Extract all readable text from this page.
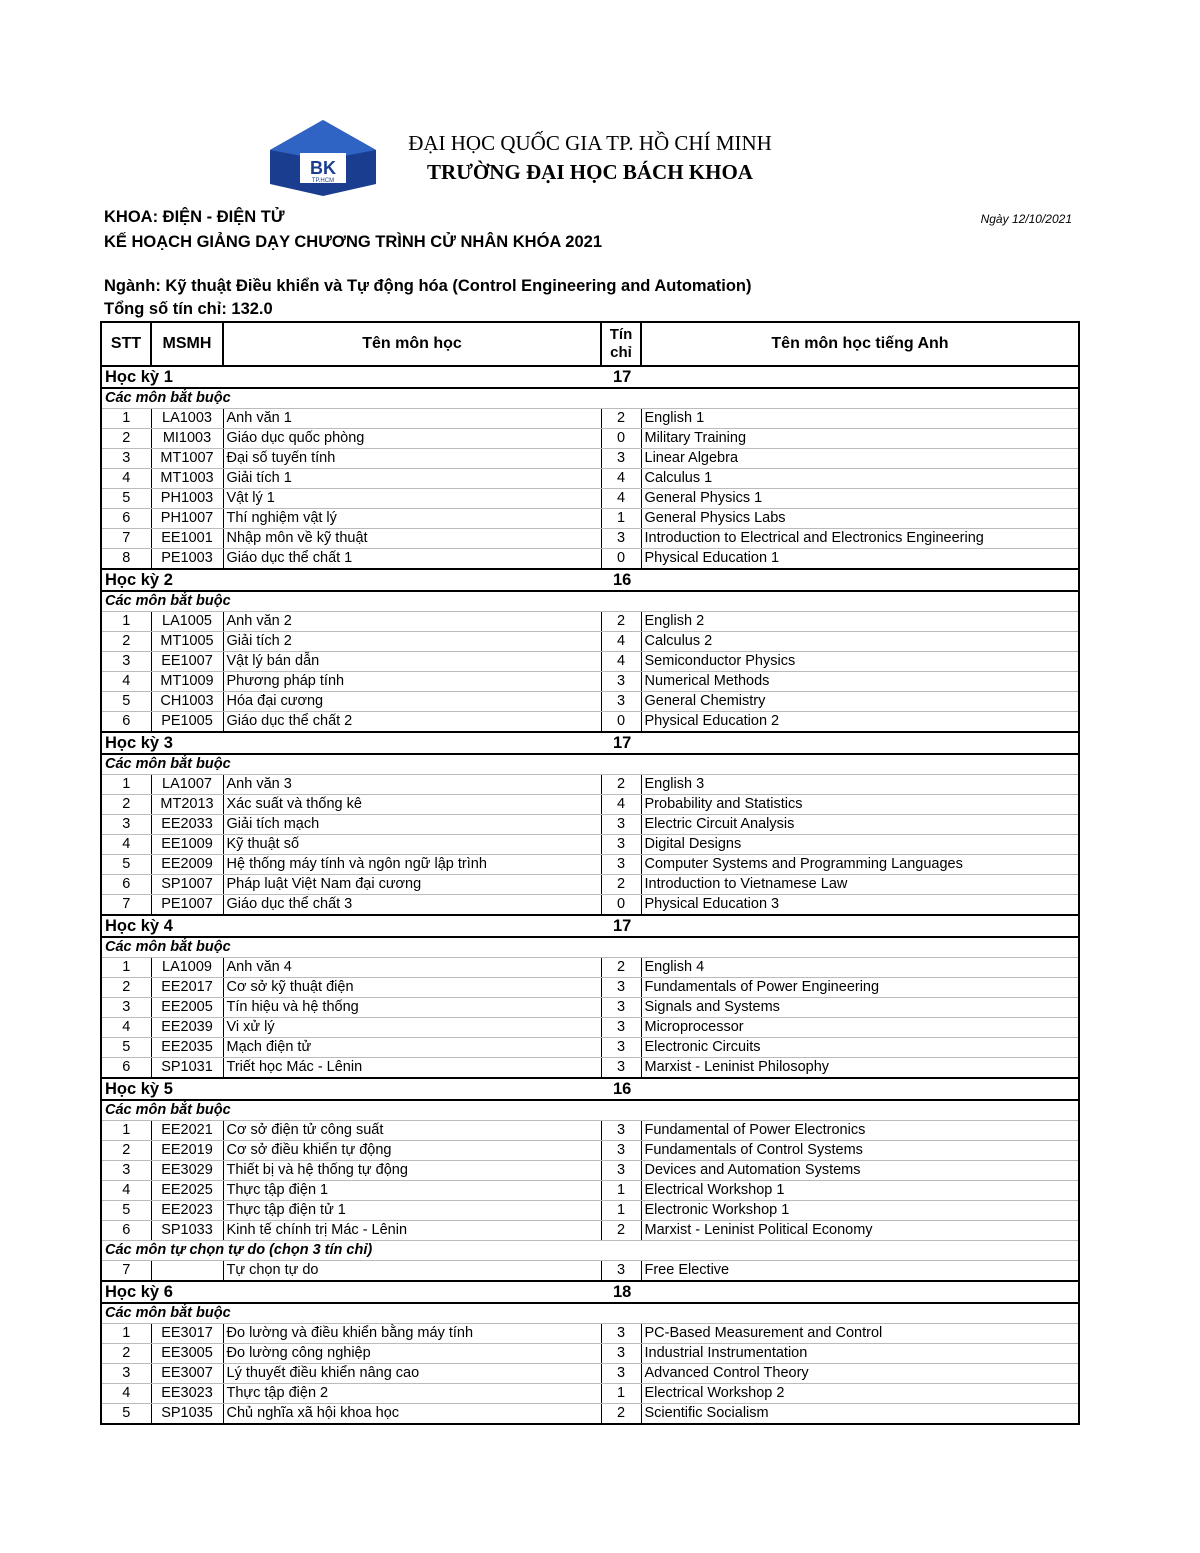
BK
TP.HCM
ĐẠI HỌC QUỐC GIA TP. HỒ CHÍ MINH
TRƯỜNG ĐẠI HỌC BÁCH KHOA
KHOA: ĐIỆN - ĐIỆN TỬ	Ngày 12/10/2021
KẾ HOẠCH GIẢNG DẠY CHƯƠNG TRÌNH CỬ NHÂN KHÓA 2021
Ngành: Kỹ thuật Điều khiển và Tự động hóa (Control Engineering and Automation)
Tổng số tín chỉ: 132.0
STT	MSMH	Tên môn học	Tín chỉ	Tên môn học tiếng Anh
Học kỳ 1			17	
Các môn bắt buộc				
1	LA1003	Anh văn 1	2	English 1
2	MI1003	Giáo dục quốc phòng	0	Military Training
3	MT1007	Đại số tuyến tính	3	Linear Algebra
4	MT1003	Giải tích 1	4	Calculus 1
5	PH1003	Vật lý 1	4	General Physics 1
6	PH1007	Thí nghiệm vật lý	1	General Physics Labs
7	EE1001	Nhập môn về kỹ thuật	3	Introduction to Electrical and Electronics Engineering
8	PE1003	Giáo dục thể chất 1	0	Physical Education 1
Học kỳ 2			16	
Các môn bắt buộc				
1	LA1005	Anh văn 2	2	English 2
2	MT1005	Giải tích 2	4	Calculus 2
3	EE1007	Vật lý bán dẫn	4	Semiconductor Physics
4	MT1009	Phương pháp tính	3	Numerical Methods
5	CH1003	Hóa đại cương	3	General Chemistry
6	PE1005	Giáo dục thể chất 2	0	Physical Education 2
Học kỳ 3			17	
Các môn bắt buộc				
1	LA1007	Anh văn 3	2	English 3
2	MT2013	Xác suất và thống kê	4	Probability and Statistics
3	EE2033	Giải tích mạch	3	Electric Circuit Analysis
4	EE1009	Kỹ thuật số	3	Digital Designs
5	EE2009	Hệ thống máy tính và ngôn ngữ lập trình	3	Computer Systems and Programming Languages
6	SP1007	Pháp luật Việt Nam đại cương	2	Introduction to Vietnamese Law
7	PE1007	Giáo dục thể chất 3	0	Physical Education 3
Học kỳ 4			17	
Các môn bắt buộc				
1	LA1009	Anh văn 4	2	English 4
2	EE2017	Cơ sở kỹ thuật điện	3	Fundamentals of Power Engineering
3	EE2005	Tín hiệu và hệ thống	3	Signals and Systems
4	EE2039	Vi xử lý	3	Microprocessor
5	EE2035	Mạch điện tử	3	Electronic Circuits
6	SP1031	Triết học Mác - Lênin	3	Marxist - Leninist Philosophy
Học kỳ 5			16	
Các môn bắt buộc				
1	EE2021	Cơ sở điện tử công suất	3	Fundamental of Power Electronics
2	EE2019	Cơ sở điều khiển tự động	3	Fundamentals of Control Systems
3	EE3029	Thiết bị và hệ thống tự động	3	Devices and Automation Systems
4	EE2025	Thực tập điện 1	1	Electrical Workshop 1
5	EE2023	Thực tập điện tử 1	1	Electronic Workshop 1
6	SP1033	Kinh tế chính trị Mác - Lênin	2	Marxist - Leninist Political Economy
Các môn tự chọn tự do (chọn 3 tín chỉ)				
7		Tự chọn tự do	3	Free Elective
Học kỳ 6			18	
Các môn bắt buộc				
1	EE3017	Đo lường và điều khiển bằng máy tính	3	PC-Based Measurement and Control
2	EE3005	Đo lường công nghiệp	3	Industrial Instrumentation
3	EE3007	Lý thuyết điều khiển nâng cao	3	Advanced Control Theory
4	EE3023	Thực tập điện 2	1	Electrical Workshop 2
5	SP1035	Chủ nghĩa xã hội khoa học	2	Scientific Socialism
